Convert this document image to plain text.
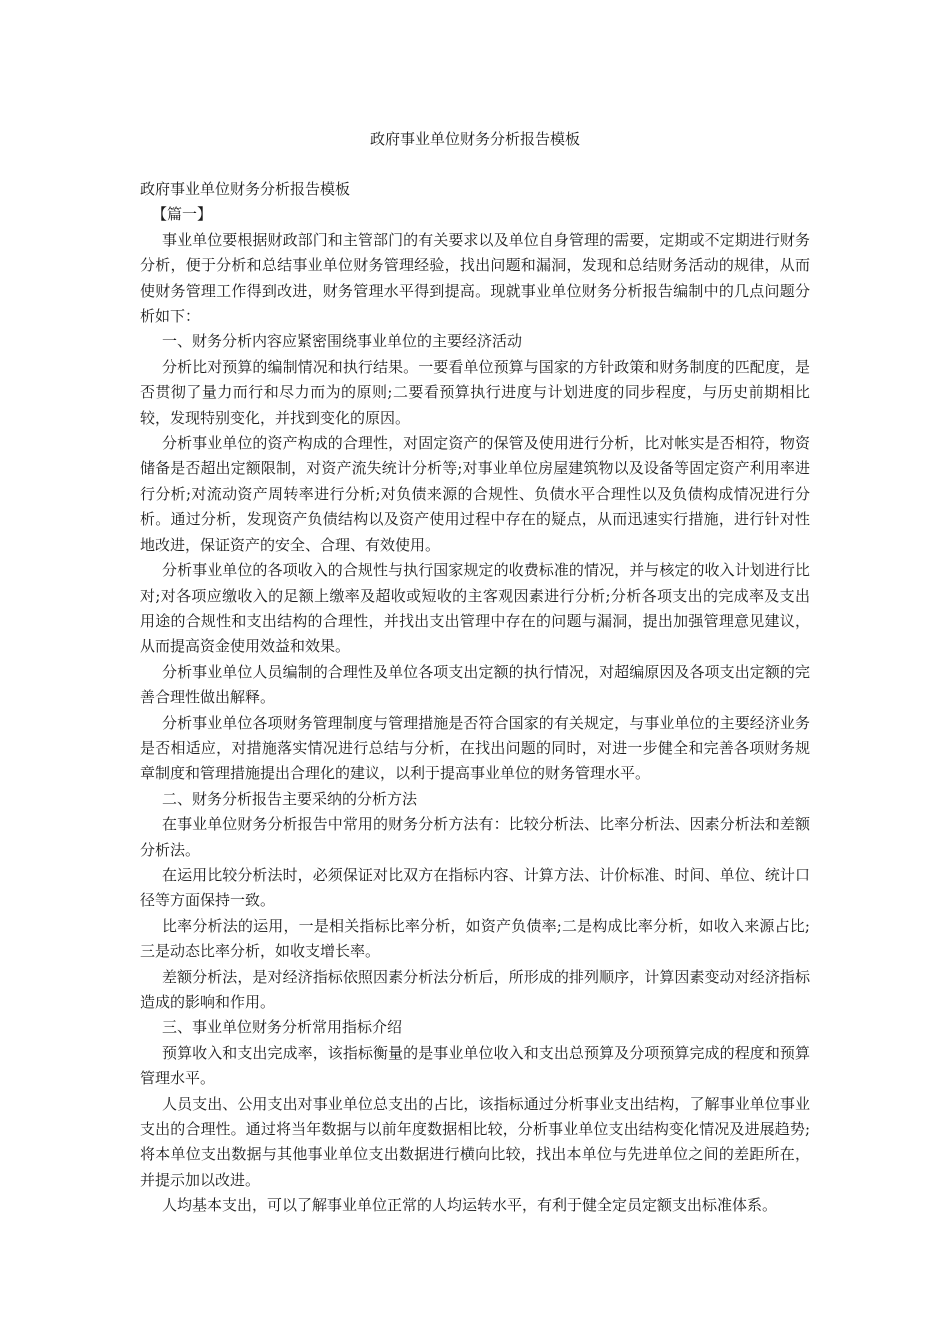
政府事业单位财务分析报告模板

政府事业单位财务分析报告模板

【篇一】

事业单位要根据财政部门和主管部门的有关要求以及单位自身管理的需要，定期或不定期进行财务分析，便于分析和总结事业单位财务管理经验，找出问题和漏洞，发现和总结财务活动的规律，从而使财务管理工作得到改进，财务管理水平得到提高。现就事业单位财务分析报告编制中的几点问题分析如下：

一、财务分析内容应紧密围绕事业单位的主要经济活动

分析比对预算的编制情况和执行结果。一要看单位预算与国家的方针政策和财务制度的匹配度，是否贯彻了量力而行和尽力而为的原则;二要看预算执行进度与计划进度的同步程度，与历史前期相比较，发现特别变化，并找到变化的原因。

分析事业单位的资产构成的合理性，对固定资产的保管及使用进行分析，比对帐实是否相符，物资储备是否超出定额限制，对资产流失统计分析等;对事业单位房屋建筑物以及设备等固定资产利用率进行分析;对流动资产周转率进行分析;对负债来源的合规性、负债水平合理性以及负债构成情况进行分析。通过分析，发现资产负债结构以及资产使用过程中存在的疑点，从而迅速实行措施，进行针对性地改进，保证资产的安全、合理、有效使用。

分析事业单位的各项收入的合规性与执行国家规定的收费标准的情况，并与核定的收入计划进行比对;对各项应缴收入的足额上缴率及超收或短收的主客观因素进行分析;分析各项支出的完成率及支出用途的合规性和支出结构的合理性，并找出支出管理中存在的问题与漏洞，提出加强管理意见建议，从而提高资金使用效益和效果。

分析事业单位人员编制的合理性及单位各项支出定额的执行情况，对超编原因及各项支出定额的完善合理性做出解释。

分析事业单位各项财务管理制度与管理措施是否符合国家的有关规定，与事业单位的主要经济业务是否相适应，对措施落实情况进行总结与分析，在找出问题的同时，对进一步健全和完善各项财务规章制度和管理措施提出合理化的建议，以利于提高事业单位的财务管理水平。

二、财务分析报告主要采纳的分析方法

在事业单位财务分析报告中常用的财务分析方法有：比较分析法、比率分析法、因素分析法和差额分析法。

在运用比较分析法时，必须保证对比双方在指标内容、计算方法、计价标准、时间、单位、统计口径等方面保持一致。

比率分析法的运用，一是相关指标比率分析，如资产负债率;二是构成比率分析，如收入来源占比;三是动态比率分析，如收支增长率。

差额分析法，是对经济指标依照因素分析法分析后，所形成的排列顺序，计算因素变动对经济指标造成的影响和作用。

三、事业单位财务分析常用指标介绍

预算收入和支出完成率，该指标衡量的是事业单位收入和支出总预算及分项预算完成的程度和预算管理水平。

人员支出、公用支出对事业单位总支出的占比，该指标通过分析事业支出结构，了解事业单位事业支出的合理性。通过将当年数据与以前年度数据相比较，分析事业单位支出结构变化情况及进展趋势;将本单位支出数据与其他事业单位支出数据进行横向比较，找出本单位与先进单位之间的差距所在，并提示加以改进。

人均基本支出，可以了解事业单位正常的人均运转水平，有利于健全定员定额支出标准体系。
